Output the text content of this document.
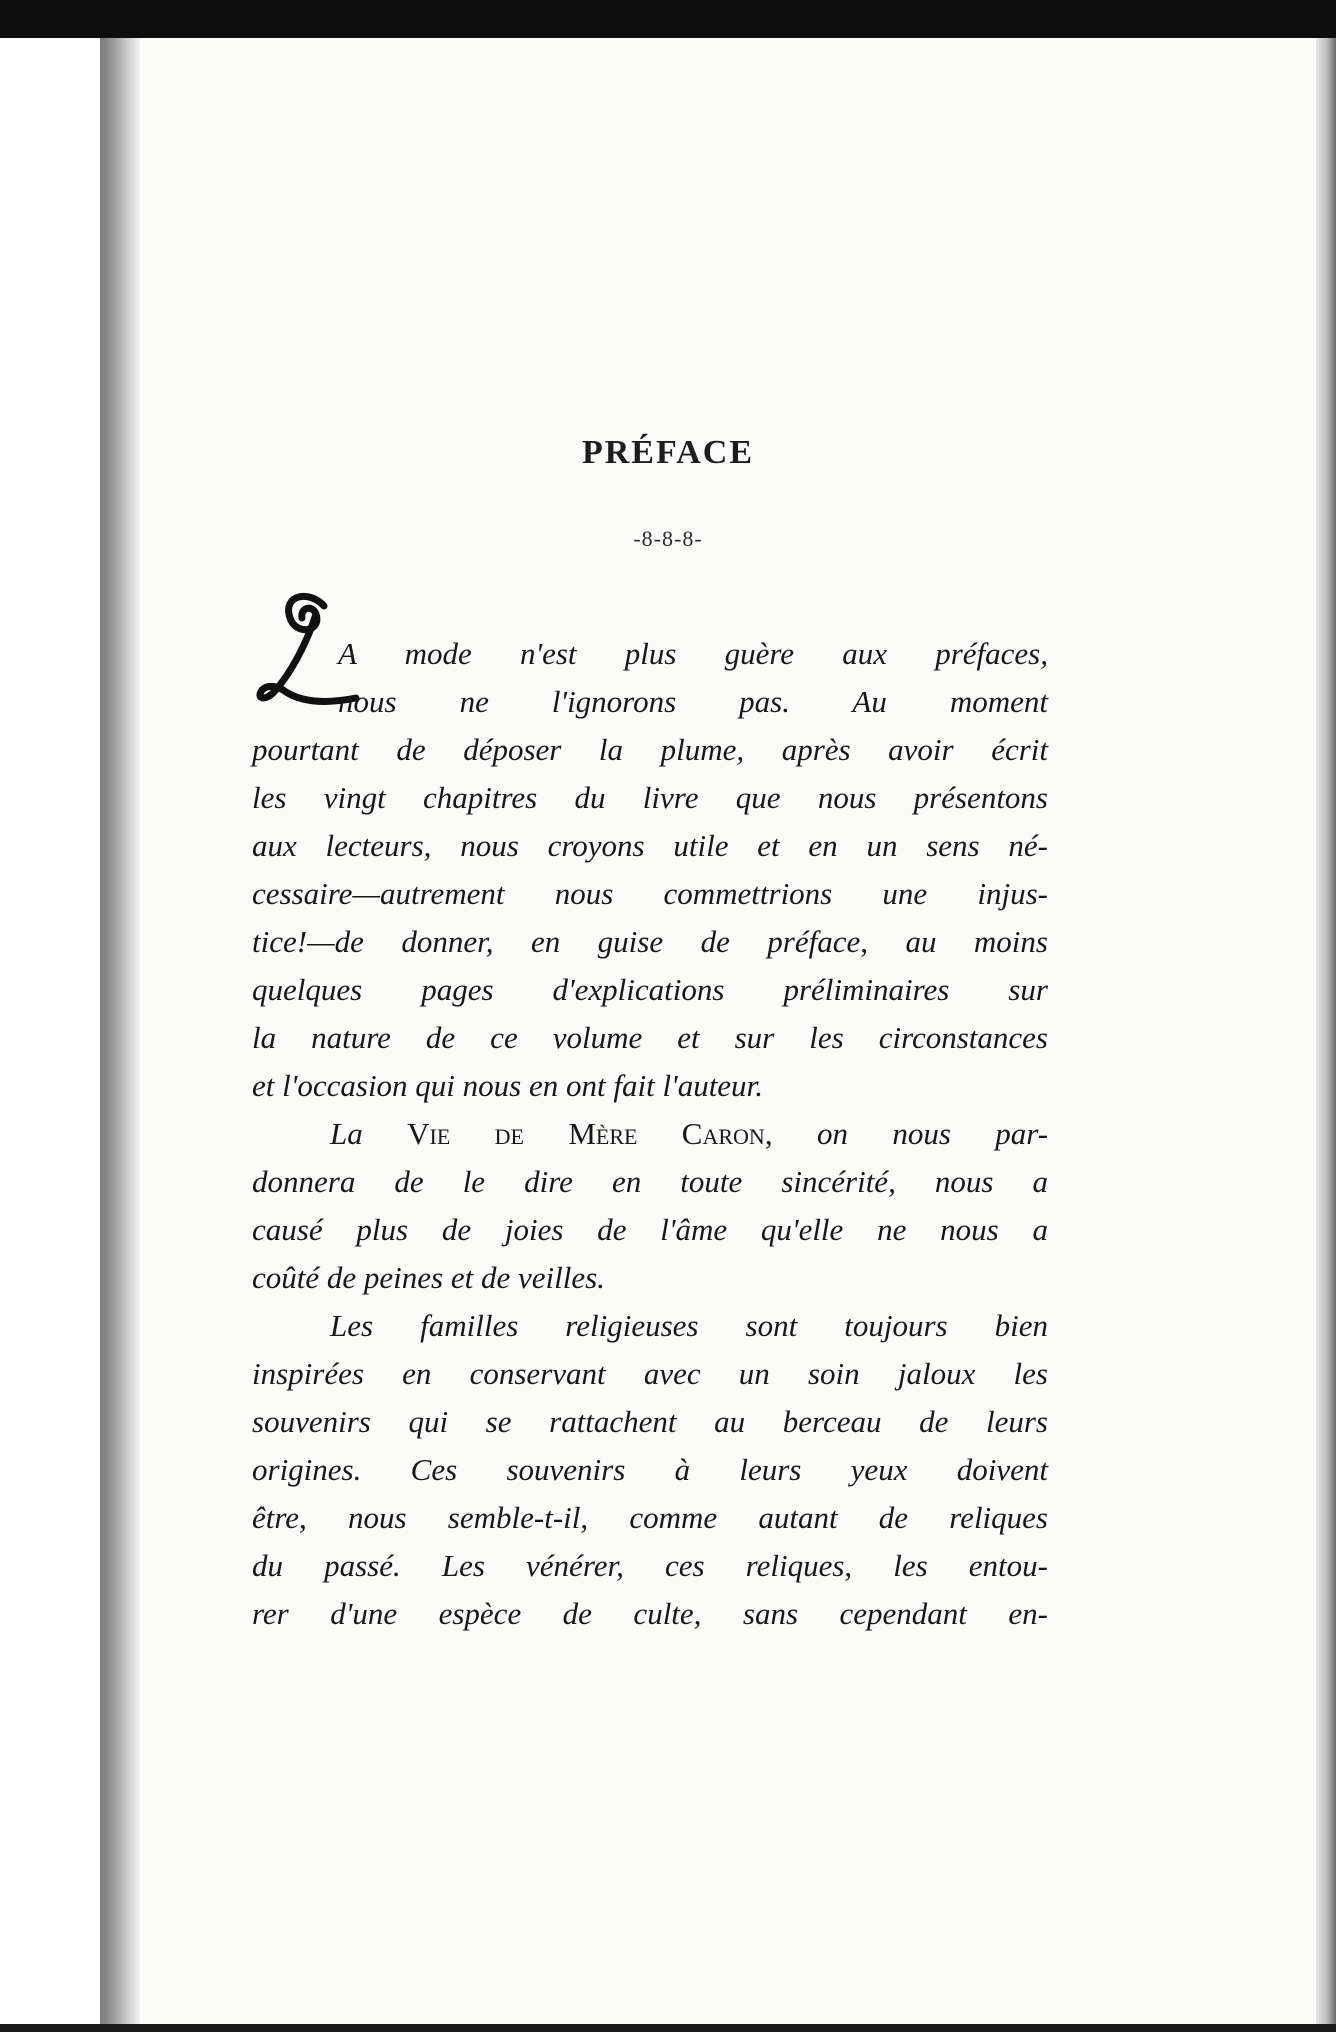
PRÉFACE
-8-8-8-
A mode n'est plus guère aux préfaces,
nous ne l'ignorons pas. Au moment
pourtant de déposer la plume, après avoir écrit
les vingt chapitres du livre que nous présentons
aux lecteurs, nous croyons utile et en un sens né-
cessaire—autrement nous commettrions une injus-
tice!—de donner, en guise de préface, au moins
quelques pages d'explications préliminaires sur
la nature de ce volume et sur les circonstances
et l'occasion qui nous en ont fait l'auteur.
La Vie de Mère Caron, on nous par-
donnera de le dire en toute sincérité, nous a
causé plus de joies de l'âme qu'elle ne nous a
coûté de peines et de veilles.
Les familles religieuses sont toujours bien
inspirées en conservant avec un soin jaloux les
souvenirs qui se rattachent au berceau de leurs
origines. Ces souvenirs à leurs yeux doivent
être, nous semble-t-il, comme autant de reliques
du passé. Les vénérer, ces reliques, les entou-
rer d'une espèce de culte, sans cependant en-
